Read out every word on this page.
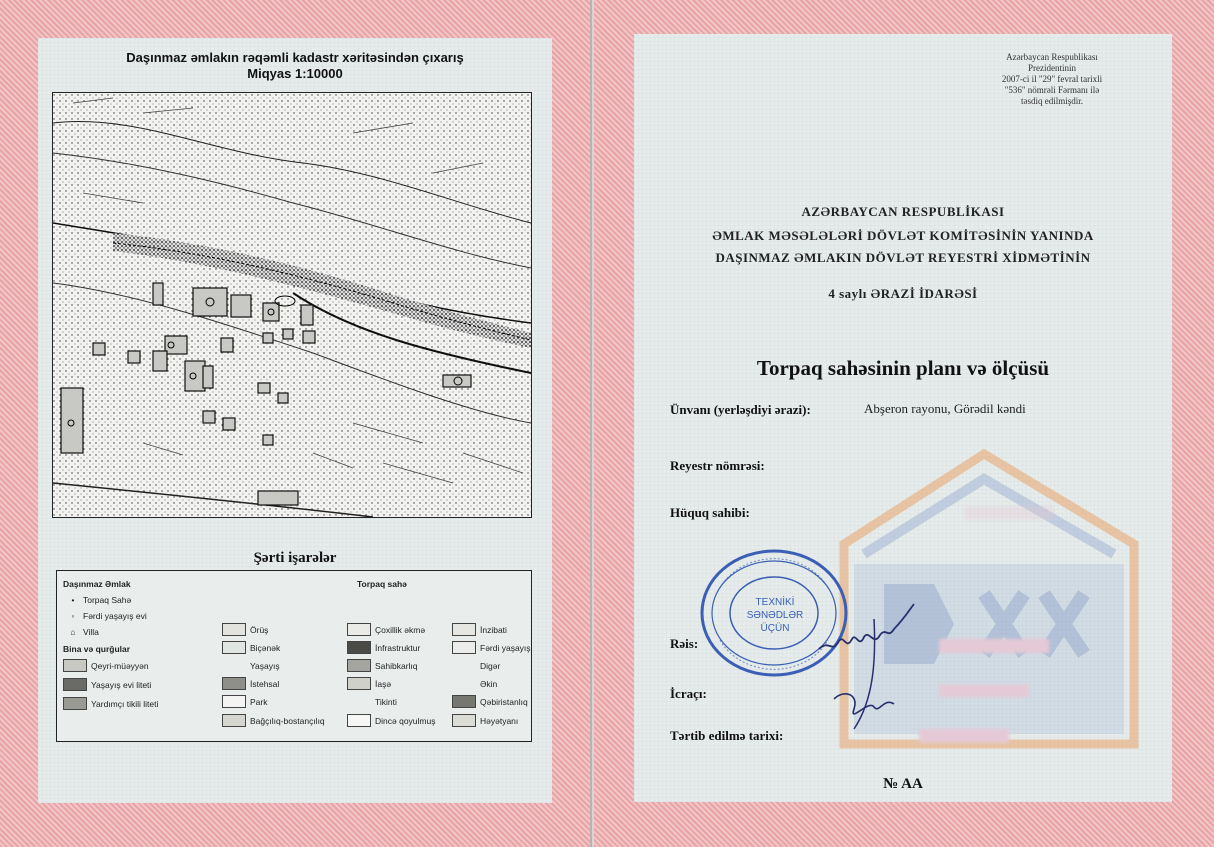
Daşınmaz əmlakın rəqəmli kadastr xəritəsindən çıxarış
Miqyas 1:10000
Şərti işarələr
Daşınmaz Əmlak
•	Torpaq Sahə
◦	Fərdi yaşayış evi
⌂ Villa
Bina və qurğular
Qeyri-müəyyən
Yaşayış evi liteti
Yardımçı tikili liteti
Torpaq sahə
Örüş
Biçənək
Yaşayış
İstehsal
Park
Bağçılıq-bostançılıq
Çoxillik əkmə
İnfrastruktur
Sahibkarlıq
İaşə
Tikinti
Dincə qoyulmuş
İnzibati
Fərdi yaşayış
Digər
Əkin
Qəbiristanlıq
Həyətyanı
Azərbaycan Respublikası
Prezidentinin
2007-ci il "29" fevral tarixli
"536" nömrəli Fərmanı ilə
təsdiq edilmişdir.
AZƏRBAYCAN RESPUBLİKASI
ƏMLAK MƏSƏLƏLƏRİ DÖVLƏT KOMİTƏSİNİN YANINDA
DAŞINMAZ ƏMLAKIN DÖVLƏT REYESTRİ XİDMƏTİNİN
4 saylı ƏRAZİ İDARƏSİ
Torpaq sahəsinin planı və ölçüsü
Ünvanı (yerləşdiyi ərazi):	Abşeron rayonu, Görədil kəndi
Reyestr nömrəsi:
Hüquq sahibi:
TEXNİKİ
SƏNƏDLƏR
ÜÇÜN
Rəis:
İcraçı:
Tərtib edilmə tarixi:
№ AA
